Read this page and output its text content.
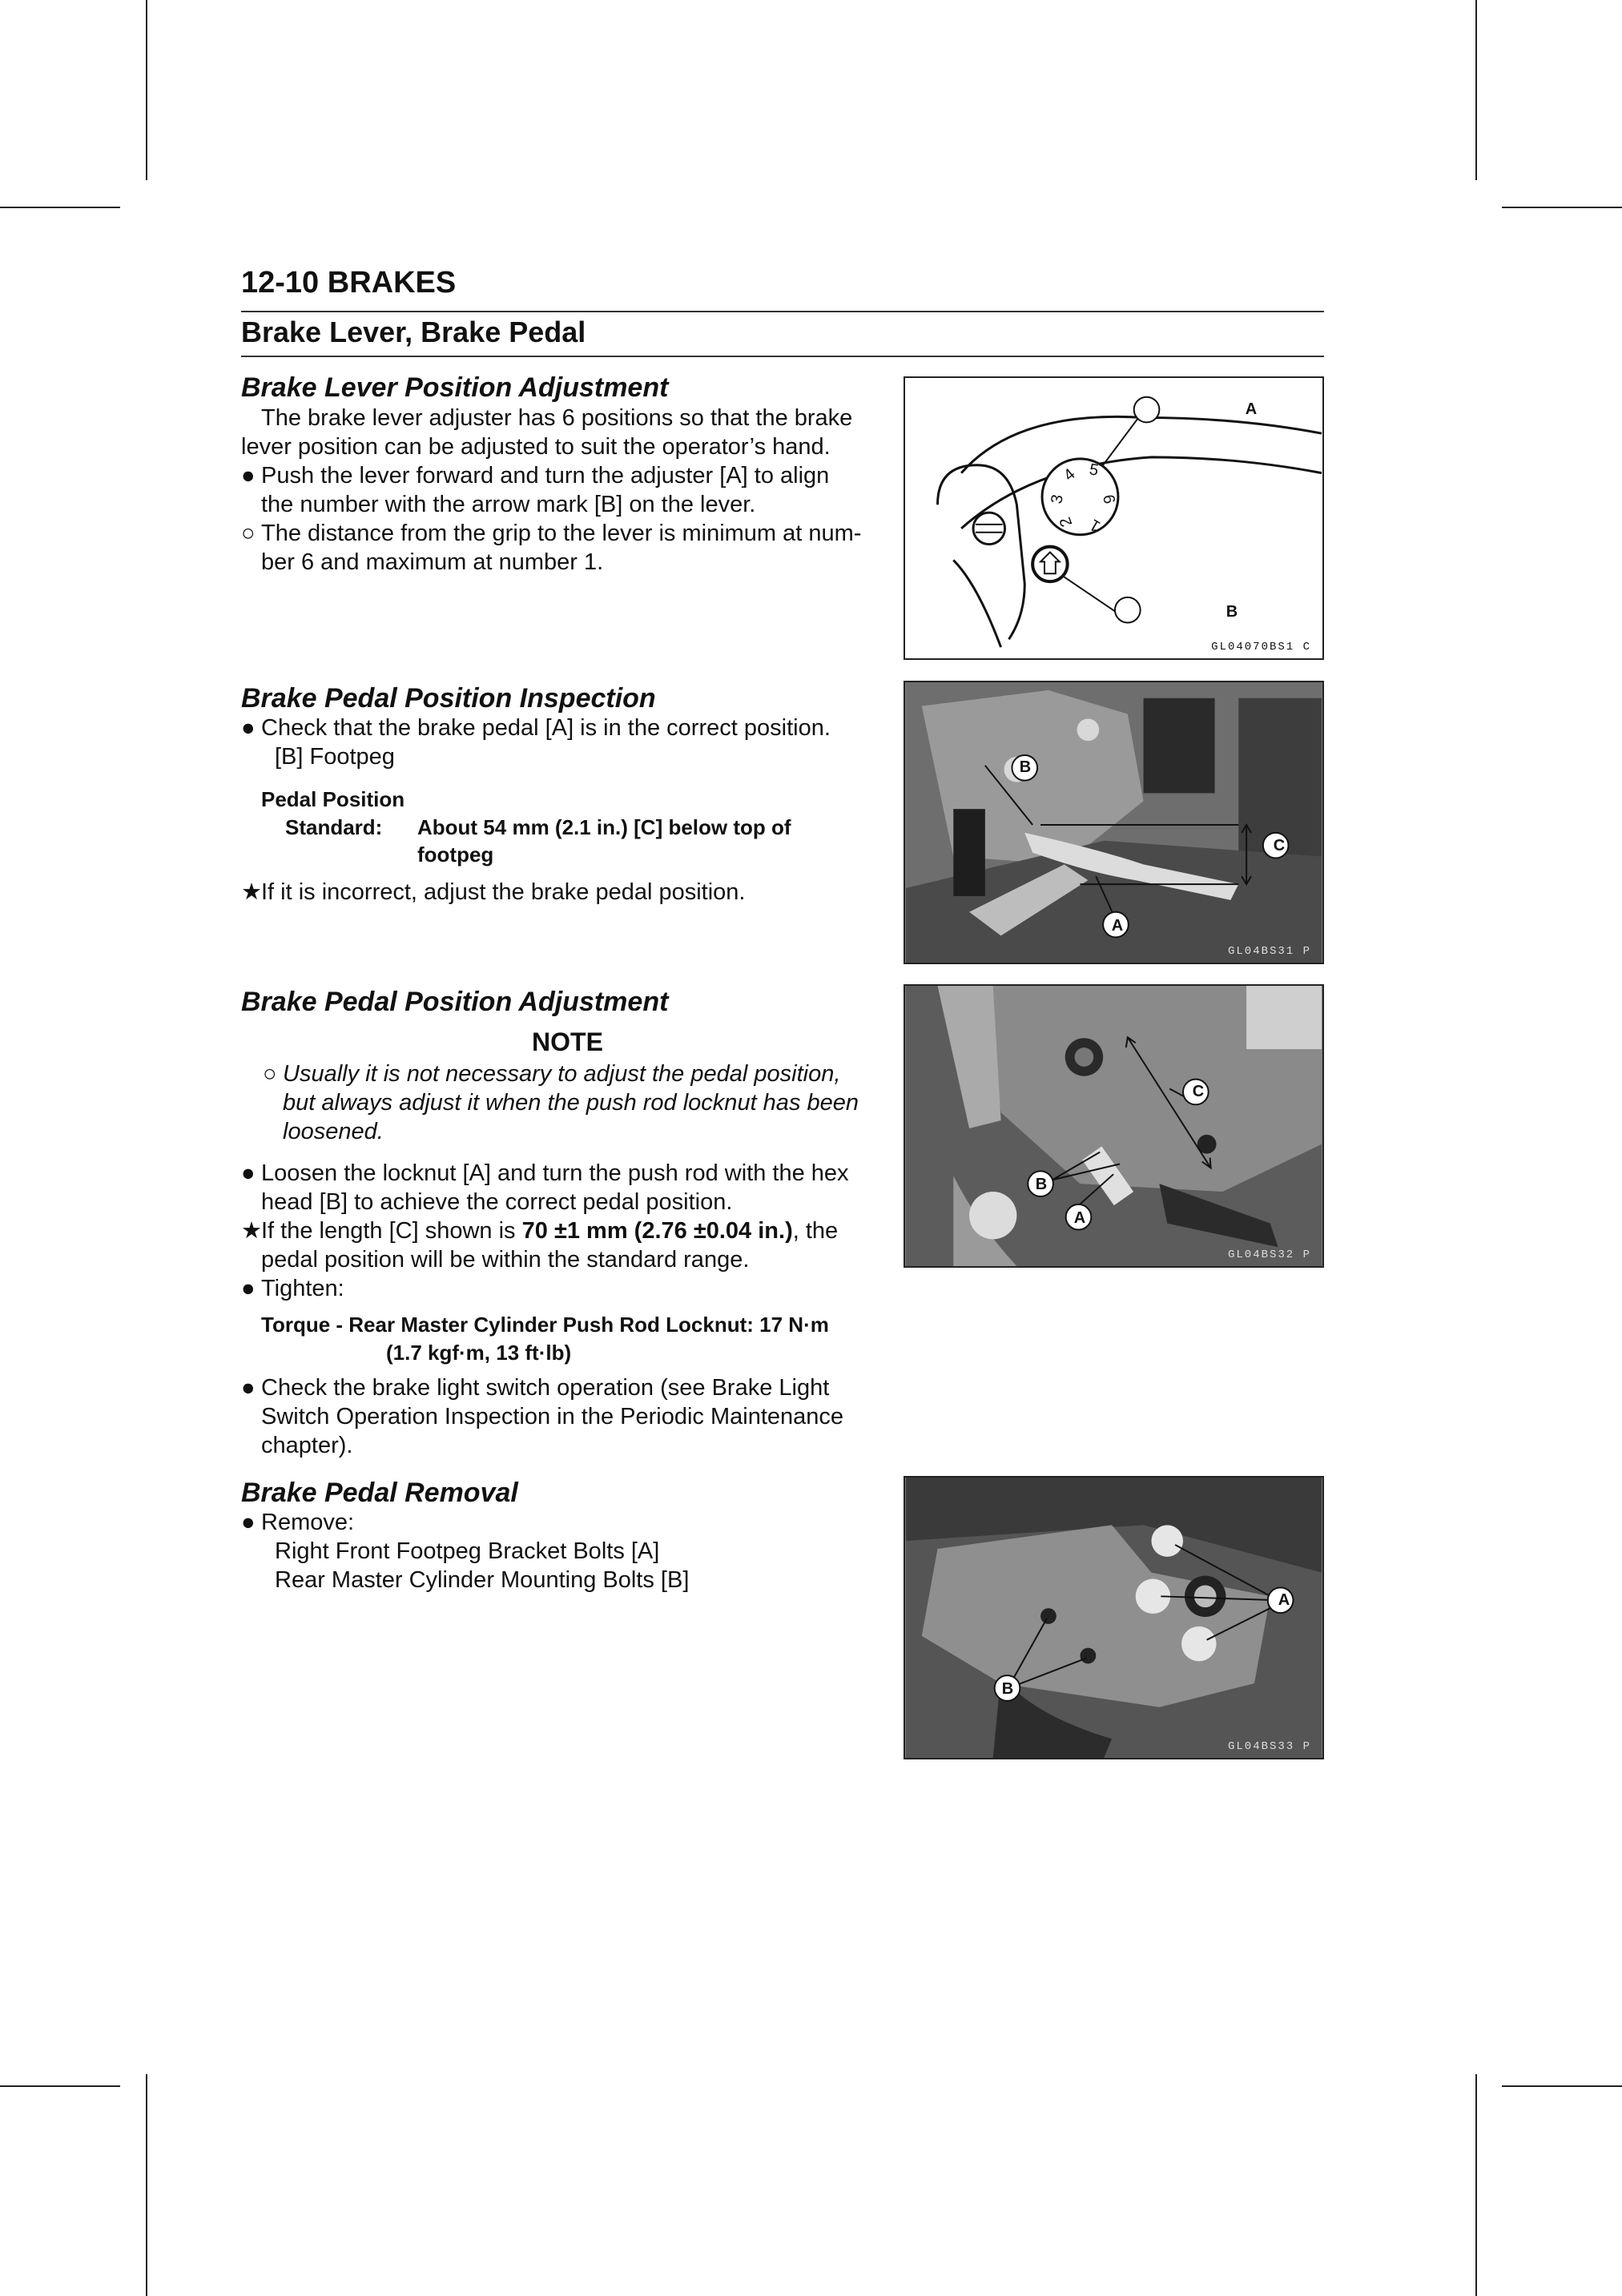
12-10 BRAKES
Brake Lever, Brake Pedal
Brake Lever Position Adjustment

The brake lever adjuster has 6 positions so that the brake

lever position can be adjusted to suit the operator’s hand.

● Push the lever forward and turn the adjuster [A] to align

the number with the arrow mark [B] on the lever.

○ The distance from the grip to the lever is minimum at num-

ber 6 and maximum at number 1.

A
B
1
2
3
4 5
6
GL04070BS1 C
Brake Pedal Position Inspection

● Check that the brake pedal [A] is in the correct position.

[B] Footpeg

Pedal Position
Standard: About 54 mm (2.1 in.) [C] below top of
footpeg

★ If it is incorrect, adjust the brake pedal position.

B
A
C
GL04BS31 P
Brake Pedal Position Adjustment
NOTE

○ Usually it is not necessary to adjust the pedal position,

but always adjust it when the push rod locknut has been

loosened.

● Loosen the locknut [A] and turn the push rod with the hex

head [B] to achieve the correct pedal position.

★ If the length [C] shown is 70 ±1 mm (2.76 ±0.04 in.), the

pedal position will be within the standard range.

● Tighten:

Torque - Rear Master Cylinder Push Rod Locknut: 17 N·m
(1.7 kgf·m, 13 ft·lb)

● Check the brake light switch operation (see Brake Light

Switch Operation Inspection in the Periodic Maintenance

chapter).

B
A
C
GL04BS32 P
Brake Pedal Removal

● Remove:

Right Front Footpeg Bracket Bolts [A]

Rear Master Cylinder Mounting Bolts [B]

A
B
GL04BS33 P
